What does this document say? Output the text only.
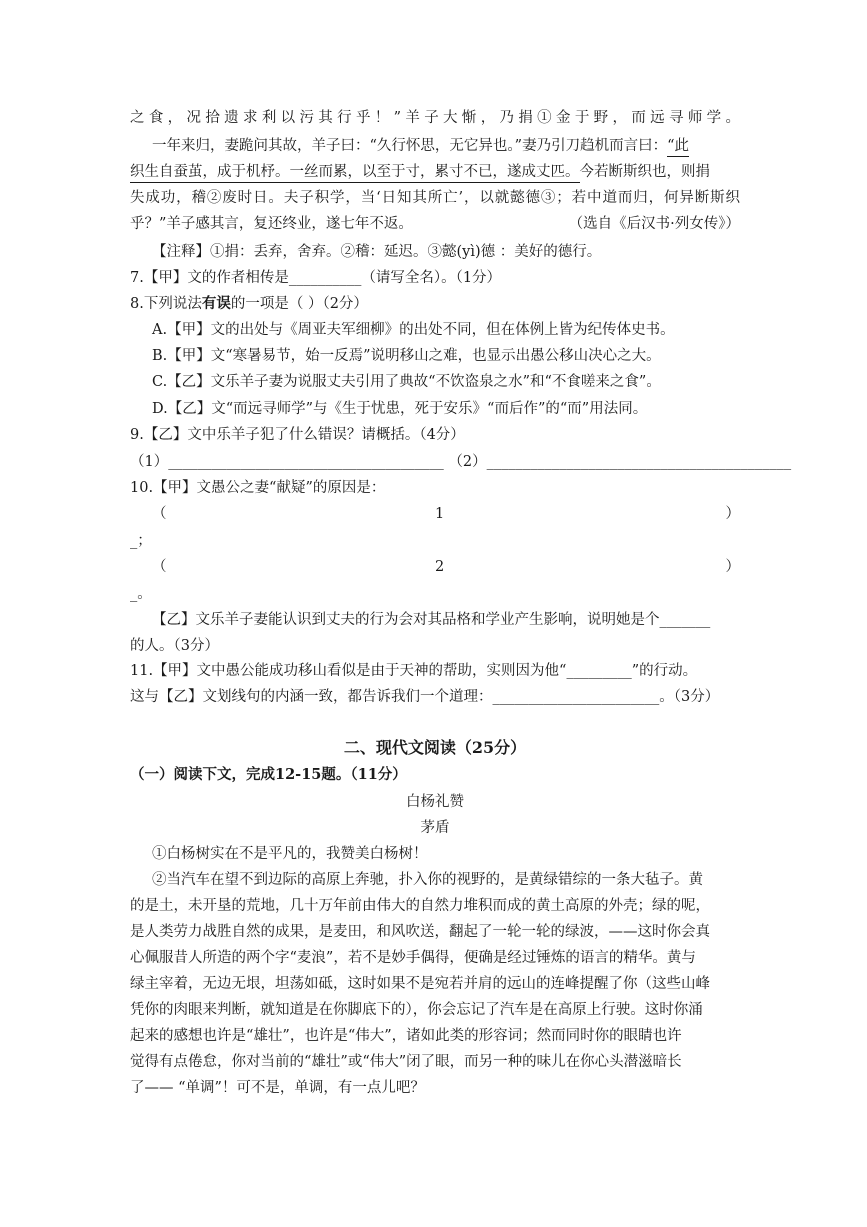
之食，况拾遗求利以污其行乎！”羊子大惭，乃捐①金于野，而远寻师学。
一年来归，妻跪问其故，羊子曰：“久行怀思，无它异也。”妻乃引刀趋机而言曰：“此
织生自蚕茧，成于机杼。一丝而累，以至于寸，累寸不已，遂成丈匹。今若断斯织也，则捐
失成功，稽②废时日。夫子积学，当‘日知其所亡’，以就懿德③；若中道而归，何异断斯织
乎？”羊子感其言，复还终业，遂七年不返。	（选自《后汉书·列女传》）
【注释】①捐：丢弃，舍弃。②稽：延迟。③懿(yì)德 ：美好的德行。
7.【甲】文的作者相传是__________（请写全名）。（1分）
8.下列说法有误的一项是（ ）（2分）
A.【甲】文的出处与《周亚夫军细柳》的出处不同，但在体例上皆为纪传体史书。
B.【甲】文“寒暑易节，始一反焉”说明移山之难，也显示出愚公移山决心之大。
C.【乙】文乐羊子妻为说服丈夫引用了典故“不饮盗泉之水”和“不食嗟来之食”。
D.【乙】文“而远寻师学”与《生于忧患，死于安乐》“而后作”的“而”用法同。
9.【乙】文中乐羊子犯了什么错误？请概括。（4分）
（1）______________________________________ （2）__________________________________________
10.【甲】文愚公之妻“献疑”的原因是：
（	1	）
_；
（	2	）
_。
【乙】文乐羊子妻能认识到丈夫的行为会对其品格和学业产生影响，说明她是个_______
的人。（3分）
11.【甲】文中愚公能成功移山看似是由于天神的帮助，实则因为他“_________”的行动。
这与【乙】文划线句的内涵一致，都告诉我们一个道理：_______________________。（3分）
二、现代文阅读（25分）
（一）阅读下文，完成12-15题。（11分）
白杨礼赞
茅盾
①白杨树实在不是平凡的，我赞美白杨树！
②当汽车在望不到边际的高原上奔驰，扑入你的视野的，是黄绿错综的一条大毡子。黄
的是土，未开垦的荒地，几十万年前由伟大的自然力堆积而成的黄土高原的外壳；绿的呢，
是人类劳力战胜自然的成果，是麦田，和风吹送，翻起了一轮一轮的绿波，——这时你会真
心佩服昔人所造的两个字“麦浪”，若不是妙手偶得，便确是经过锤炼的语言的精华。黄与
绿主宰着，无边无垠，坦荡如砥，这时如果不是宛若并肩的远山的连峰提醒了你（这些山峰
凭你的肉眼来判断，就知道是在你脚底下的），你会忘记了汽车是在高原上行驶。这时你涌
起来的感想也许是“雄壮”，也许是“伟大”，诸如此类的形容词；然而同时你的眼睛也许
觉得有点倦怠，你对当前的“雄壮”或“伟大”闭了眼，而另一种的味儿在你心头潜滋暗长
了—— “单调”！可不是，单调，有一点儿吧？
